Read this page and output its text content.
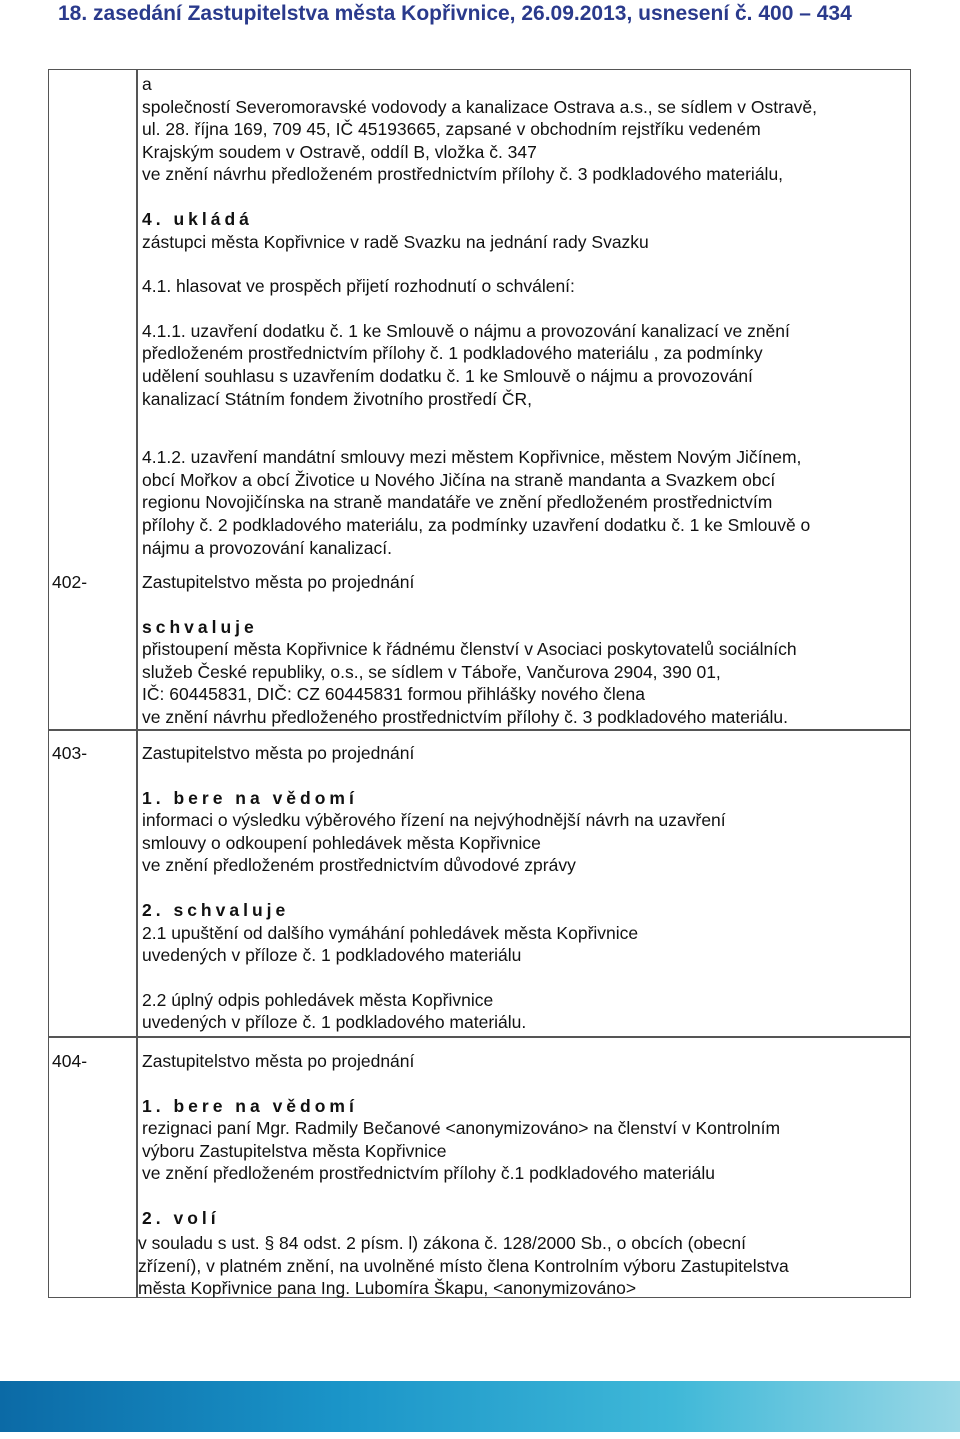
18. zasedání Zastupitelstva města Kopřivnice, 26.09.2013, usnesení č. 400 – 434

a

společností Severomoravské vodovody a kanalizace Ostrava a.s., se sídlem v Ostravě,

ul. 28. října 169, 709 45, IČ 45193665, zapsané v obchodním rejstříku vedeném

Krajským soudem v Ostravě, oddíl B, vložka č. 347

ve znění návrhu předloženém prostřednictvím přílohy č. 3 podkladového materiálu,

4. ukládá

zástupci města Kopřivnice v radě Svazku na jednání rady Svazku

4.1. hlasovat ve prospěch přijetí rozhodnutí o schválení:

4.1.1. uzavření dodatku č. 1 ke Smlouvě o nájmu a provozování kanalizací ve znění

předloženém prostřednictvím přílohy č. 1 podkladového materiálu , za podmínky

udělení souhlasu s uzavřením dodatku č. 1 ke Smlouvě o nájmu a provozování

kanalizací Státním fondem životního prostředí ČR,

4.1.2. uzavření mandátní smlouvy mezi městem Kopřivnice, městem Novým Jičínem,

obcí Mořkov a obcí Životice u Nového Jičína na straně mandanta a Svazkem obcí

regionu Novojičínska na straně mandatáře ve znění předloženém prostřednictvím

přílohy č. 2 podkladového materiálu, za podmínky uzavření dodatku č. 1 ke Smlouvě o

nájmu a provozování kanalizací.

402-	Zastupitelstvo města po projednání

schvaluje

přistoupení města Kopřivnice k řádnému členství v Asociaci poskytovatelů sociálních

služeb České republiky, o.s., se sídlem v Táboře, Vančurova 2904, 390 01,

IČ: 60445831, DIČ: CZ 60445831 formou přihlášky nového člena

ve znění návrhu předloženého prostřednictvím přílohy č. 3 podkladového materiálu.

403-	Zastupitelstvo města po projednání

1. bere na vědomí

informaci o výsledku výběrového řízení na nejvýhodnější návrh na uzavření

smlouvy o odkoupení pohledávek města Kopřivnice

ve znění předloženém prostřednictvím důvodové zprávy

2. schvaluje

2.1 upuštění od dalšího vymáhání pohledávek města Kopřivnice

uvedených v příloze č. 1 podkladového materiálu

2.2 úplný odpis pohledávek města Kopřivnice

uvedených v příloze č. 1 podkladového materiálu.

404-	Zastupitelstvo města po projednání

1. bere na vědomí

rezignaci paní Mgr. Radmily Bečanové <anonymizováno> na členství v Kontrolním

výboru Zastupitelstva města Kopřivnice

ve znění předloženém prostřednictvím přílohy č.1 podkladového materiálu

2. volí

v souladu s ust. § 84 odst. 2 písm. l) zákona č. 128/2000 Sb., o obcích (obecní

zřízení), v platném znění, na uvolněné místo člena Kontrolním výboru Zastupitelstva

města Kopřivnice pana Ing. Lubomíra Škapu, <anonymizováno>
